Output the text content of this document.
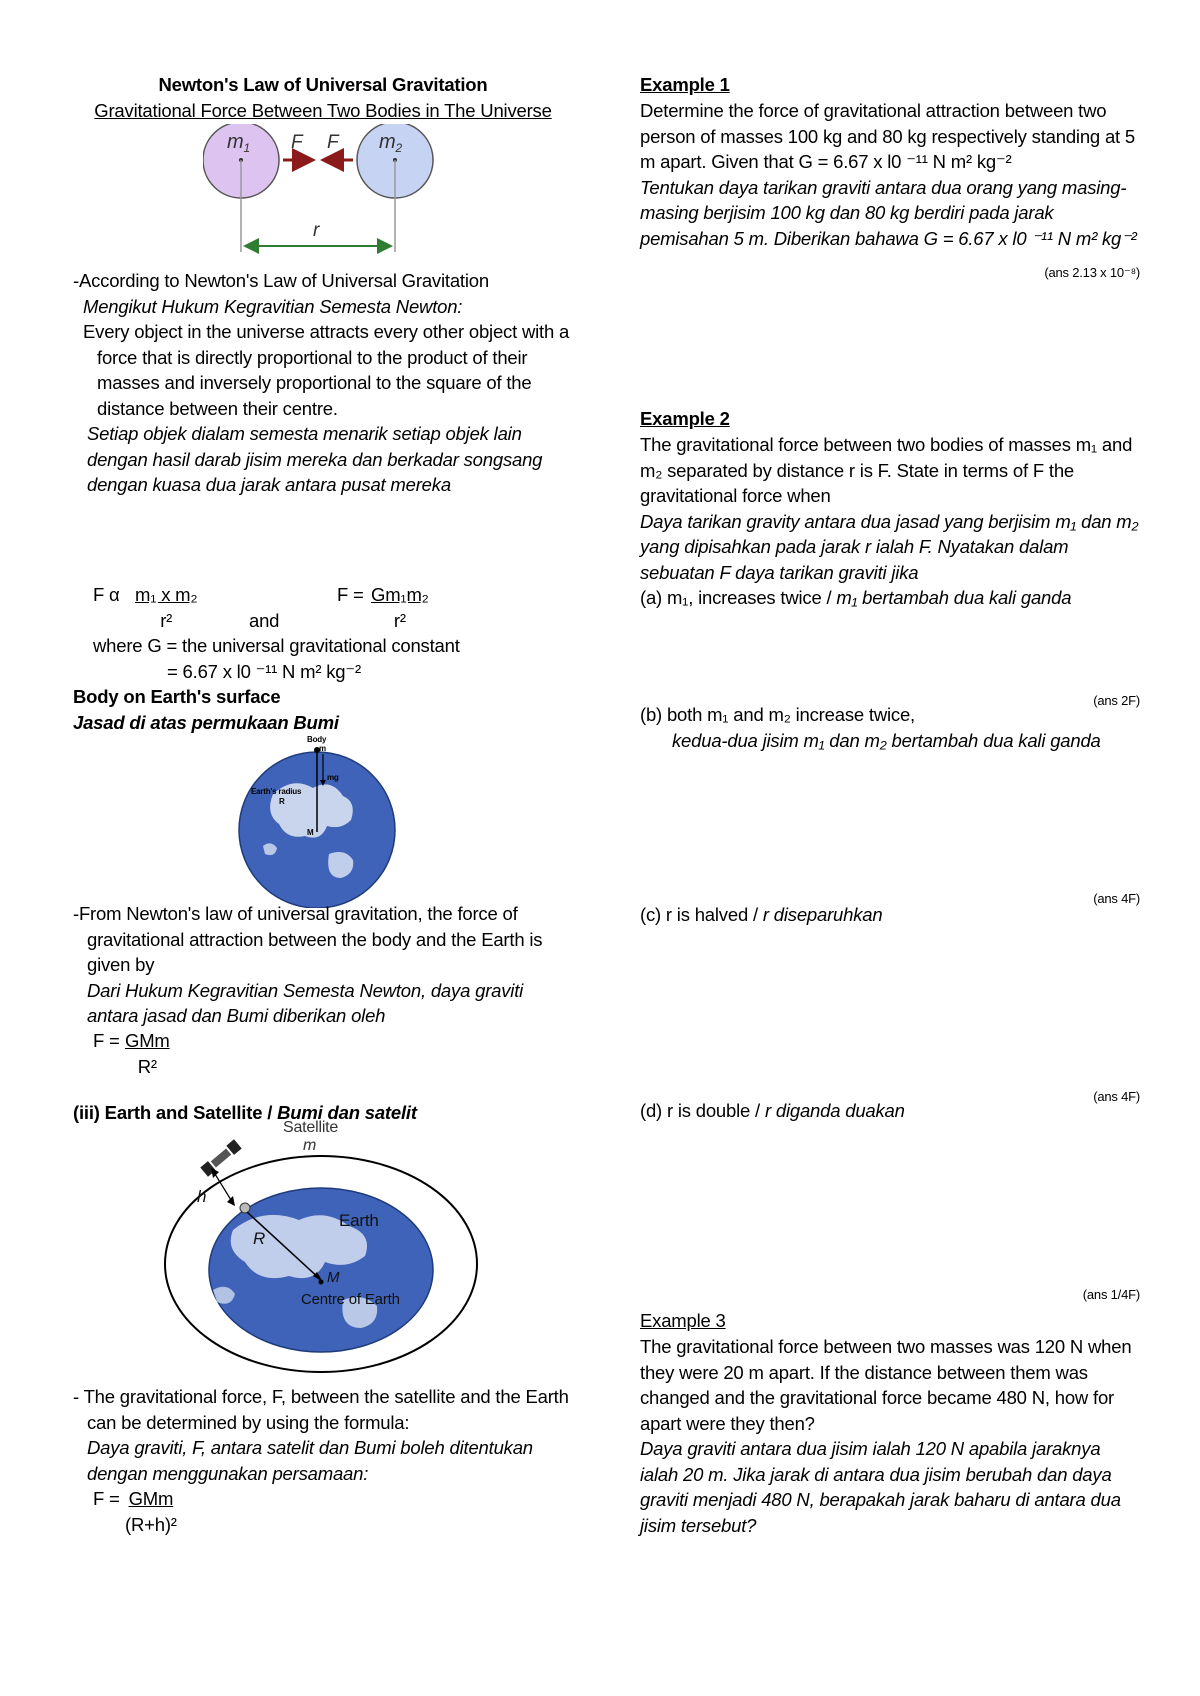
Newton's Law of Universal Gravitation
Gravitational Force Between Two Bodies in The Universe
$m_1$	$m_2$
F F
r

-According to Newton's Law of Universal Gravitation

Mengikut Hukum Kegravitian Semesta Newton:

Every object in the universe attracts every other object with a force that is directly proportional to the product of their masses and inversely proportional to the square of the distance between their centre.

Setiap objek dialam semesta menarik setiap objek lain dengan hasil darab jisim mereka dan berkadar songsang dengan kuasa dua jarak antara pusat mereka

F α $\frac{\text{m₁ x m₂}}{\text{r²}}$	and
$F = \frac{\text{Gm₁m₂}}{\text{r²}}$

where G = the universal gravitational constant

= 6.67 x l0 ⁻¹¹ N m² kg⁻²

Body on Earth's surface
Jasad di atas permukaan Bumi
Body
m
mg
Earth's radius
R
M

-From Newton's law of universal gravitation, the force of gravitational attraction between the body and the Earth is given by

Dari Hukum Kegravitian Semesta Newton, daya graviti antara jasad dan Bumi diberikan oleh

F = GMm
R²
(iii) Earth and Satellite / Bumi dan satelit
Satellite
m
h
R
Earth
M
Centre of Earth

- The gravitational force, F, between the satellite and the Earth can be determined by using the formula:

Daya graviti, F, antara satelit dan Bumi boleh ditentukan dengan menggunakan persamaan:

F = GMm
(R+h)²
Example 1

Determine the force of gravitational attraction between two person of masses 100 kg and 80 kg respectively standing at 5 m apart. Given that G = 6.67 x l0 ⁻¹¹ N m² kg⁻²

Tentukan daya tarikan graviti antara dua orang yang masing-masing berjisim 100 kg dan 80 kg berdiri pada jarak pemisahan 5 m. Diberikan bahawa G = 6.67 x l0 ⁻¹¹ N m² kg⁻²

(ans 2.13 x 10⁻⁸)
Example 2

The gravitational force between two bodies of masses m₁ and m₂ separated by distance r is F. State in terms of F the gravitational force when

Daya tarikan gravity antara dua jasad yang berjisim m₁ dan m₂ yang dipisahkan pada jarak r ialah F. Nyatakan dalam sebuatan F daya tarikan graviti jika

(a) m₁, increases twice / m₁ bertambah dua kali ganda

(ans 2F)

(b) both m₁ and m₂ increase twice,

kedua-dua jisim m₁ dan m₂ bertambah dua kali ganda

(ans 4F)
(c) r is halved / r diseparuhkan
(ans 4F)
(d) r is double / r diganda duakan
(ans 1/4F)
Example 3

The gravitational force between two masses was 120 N when they were 20 m apart. If the distance between them was changed and the gravitational force became 480 N, how for apart were they then?

Daya graviti antara dua jisim ialah 120 N apabila jaraknya ialah 20 m. Jika jarak di antara dua jisim berubah dan daya graviti menjadi 480 N, berapakah jarak baharu di antara dua jisim tersebut?
